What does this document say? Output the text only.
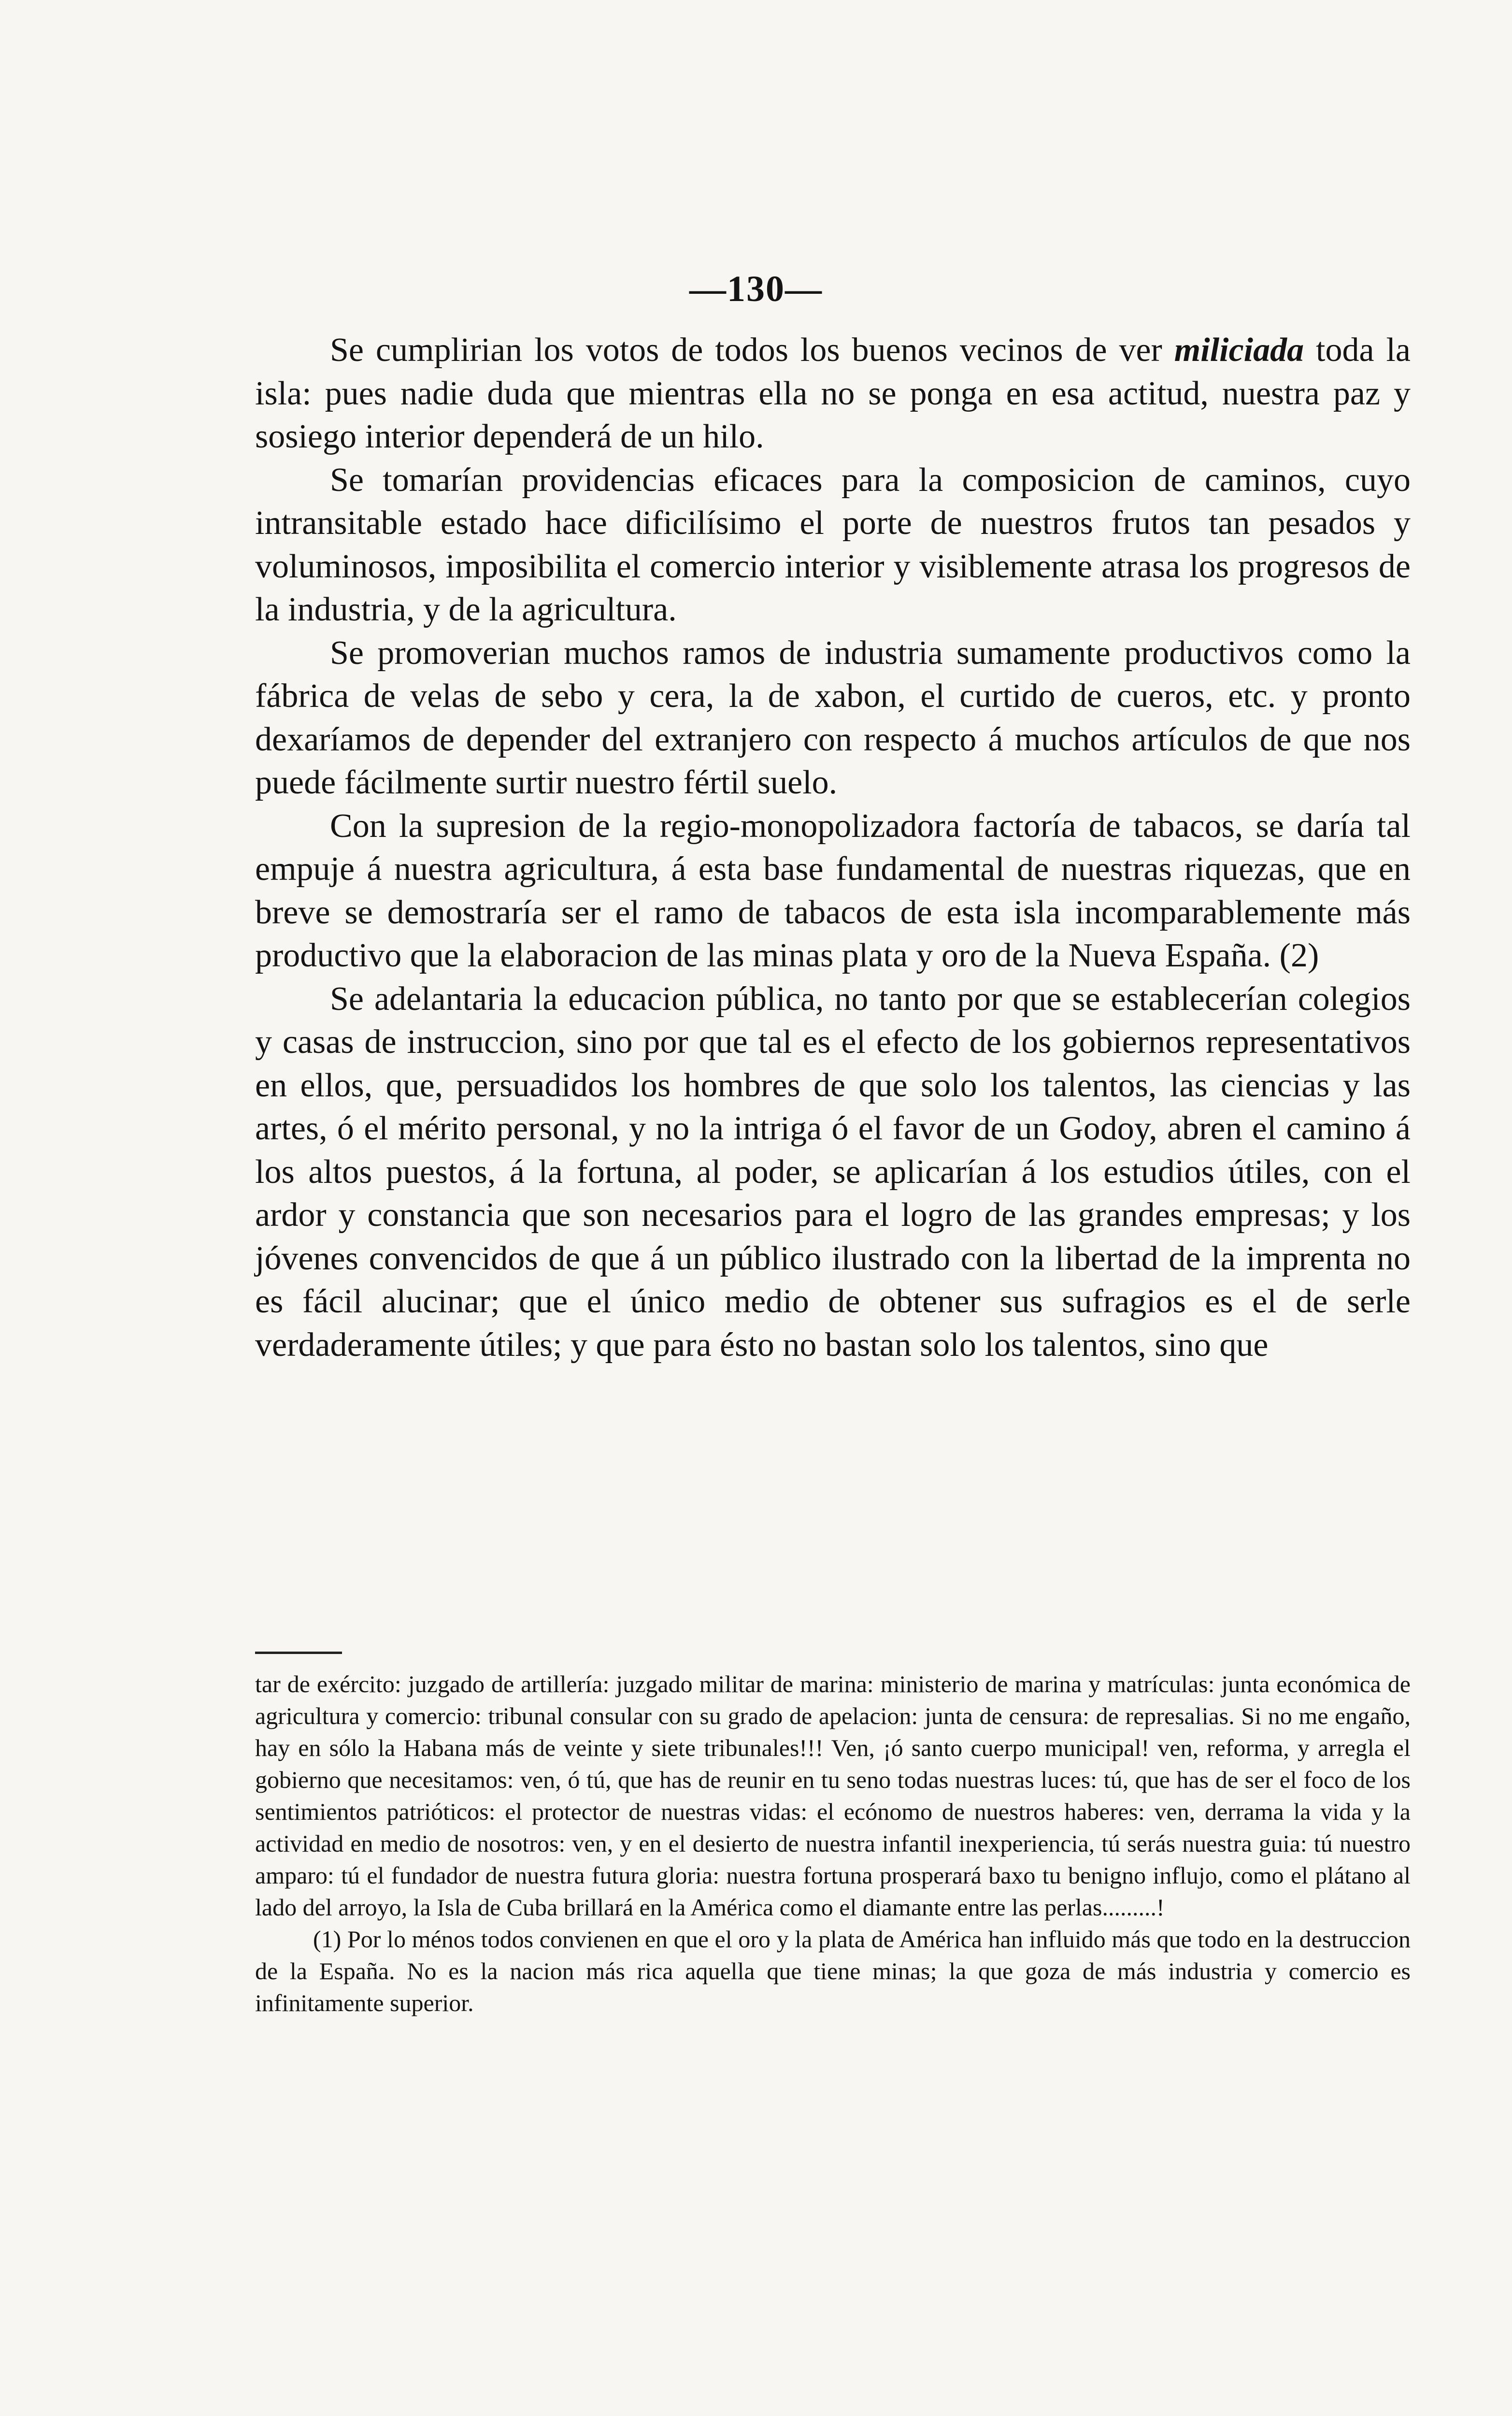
—130—

Se cumplirian los votos de todos los buenos vecinos de ver miliciada toda la isla: pues nadie duda que mientras ella no se ponga en esa actitud, nuestra paz y sosiego interior dependerá de un hilo.

Se tomarían providencias eficaces para la composicion de caminos, cuyo intransitable estado hace dificilísimo el porte de nuestros frutos tan pesados y voluminosos, imposibilita el comercio interior y visiblemente atrasa los progresos de la industria, y de la agricultura.

Se promoverian muchos ramos de industria sumamente productivos como la fábrica de velas de sebo y cera, la de xabon, el curtido de cueros, etc. y pronto dexaríamos de depender del extranjero con respecto á muchos artículos de que nos puede fácilmente surtir nuestro fértil suelo.

Con la supresion de la regio-monopolizadora factoría de tabacos, se daría tal empuje á nuestra agricultura, á esta base fundamental de nuestras riquezas, que en breve se demostraría ser el ramo de tabacos de esta isla incomparablemente más productivo que la elaboracion de las minas plata y oro de la Nueva España. (2)

Se adelantaria la educacion pública, no tanto por que se establecerían colegios y casas de instruccion, sino por que tal es el efecto de los gobiernos representativos en ellos, que, persuadidos los hombres de que solo los talentos, las ciencias y las artes, ó el mérito personal, y no la intriga ó el favor de un Godoy, abren el camino á los altos puestos, á la fortuna, al poder, se aplicarían á los estudios útiles, con el ardor y constancia que son necesarios para el logro de las grandes empresas; y los jóvenes convencidos de que á un público ilustrado con la libertad de la imprenta no es fácil alucinar; que el único medio de obtener sus sufragios es el de serle verdaderamente útiles; y que para ésto no bastan solo los talentos, sino que

tar de exército: juzgado de artillería: juzgado militar de marina: ministerio de marina y matrículas: junta económica de agricultura y comercio: tribunal consular con su grado de apelacion: junta de censura: de represalias. Si no me engaño, hay en sólo la Habana más de veinte y siete tribunales!!! Ven, ¡ó santo cuerpo municipal! ven, reforma, y arregla el gobierno que necesitamos: ven, ó tú, que has de reunir en tu seno todas nuestras luces: tú, que has de ser el foco de los sentimientos patrióticos: el protector de nuestras vidas: el ecónomo de nuestros haberes: ven, derrama la vida y la actividad en medio de nosotros: ven, y en el desierto de nuestra infantil inexperiencia, tú serás nuestra guia: tú nuestro amparo: tú el fundador de nuestra futura gloria: nuestra fortuna prosperará baxo tu benigno influjo, como el plátano al lado del arroyo, la Isla de Cuba brillará en la América como el diamante entre las perlas.........!

(1) Por lo ménos todos convienen en que el oro y la plata de América han influido más que todo en la destruccion de la España. No es la nacion más rica aquella que tiene minas; la que goza de más industria y comercio es infinitamente superior.
